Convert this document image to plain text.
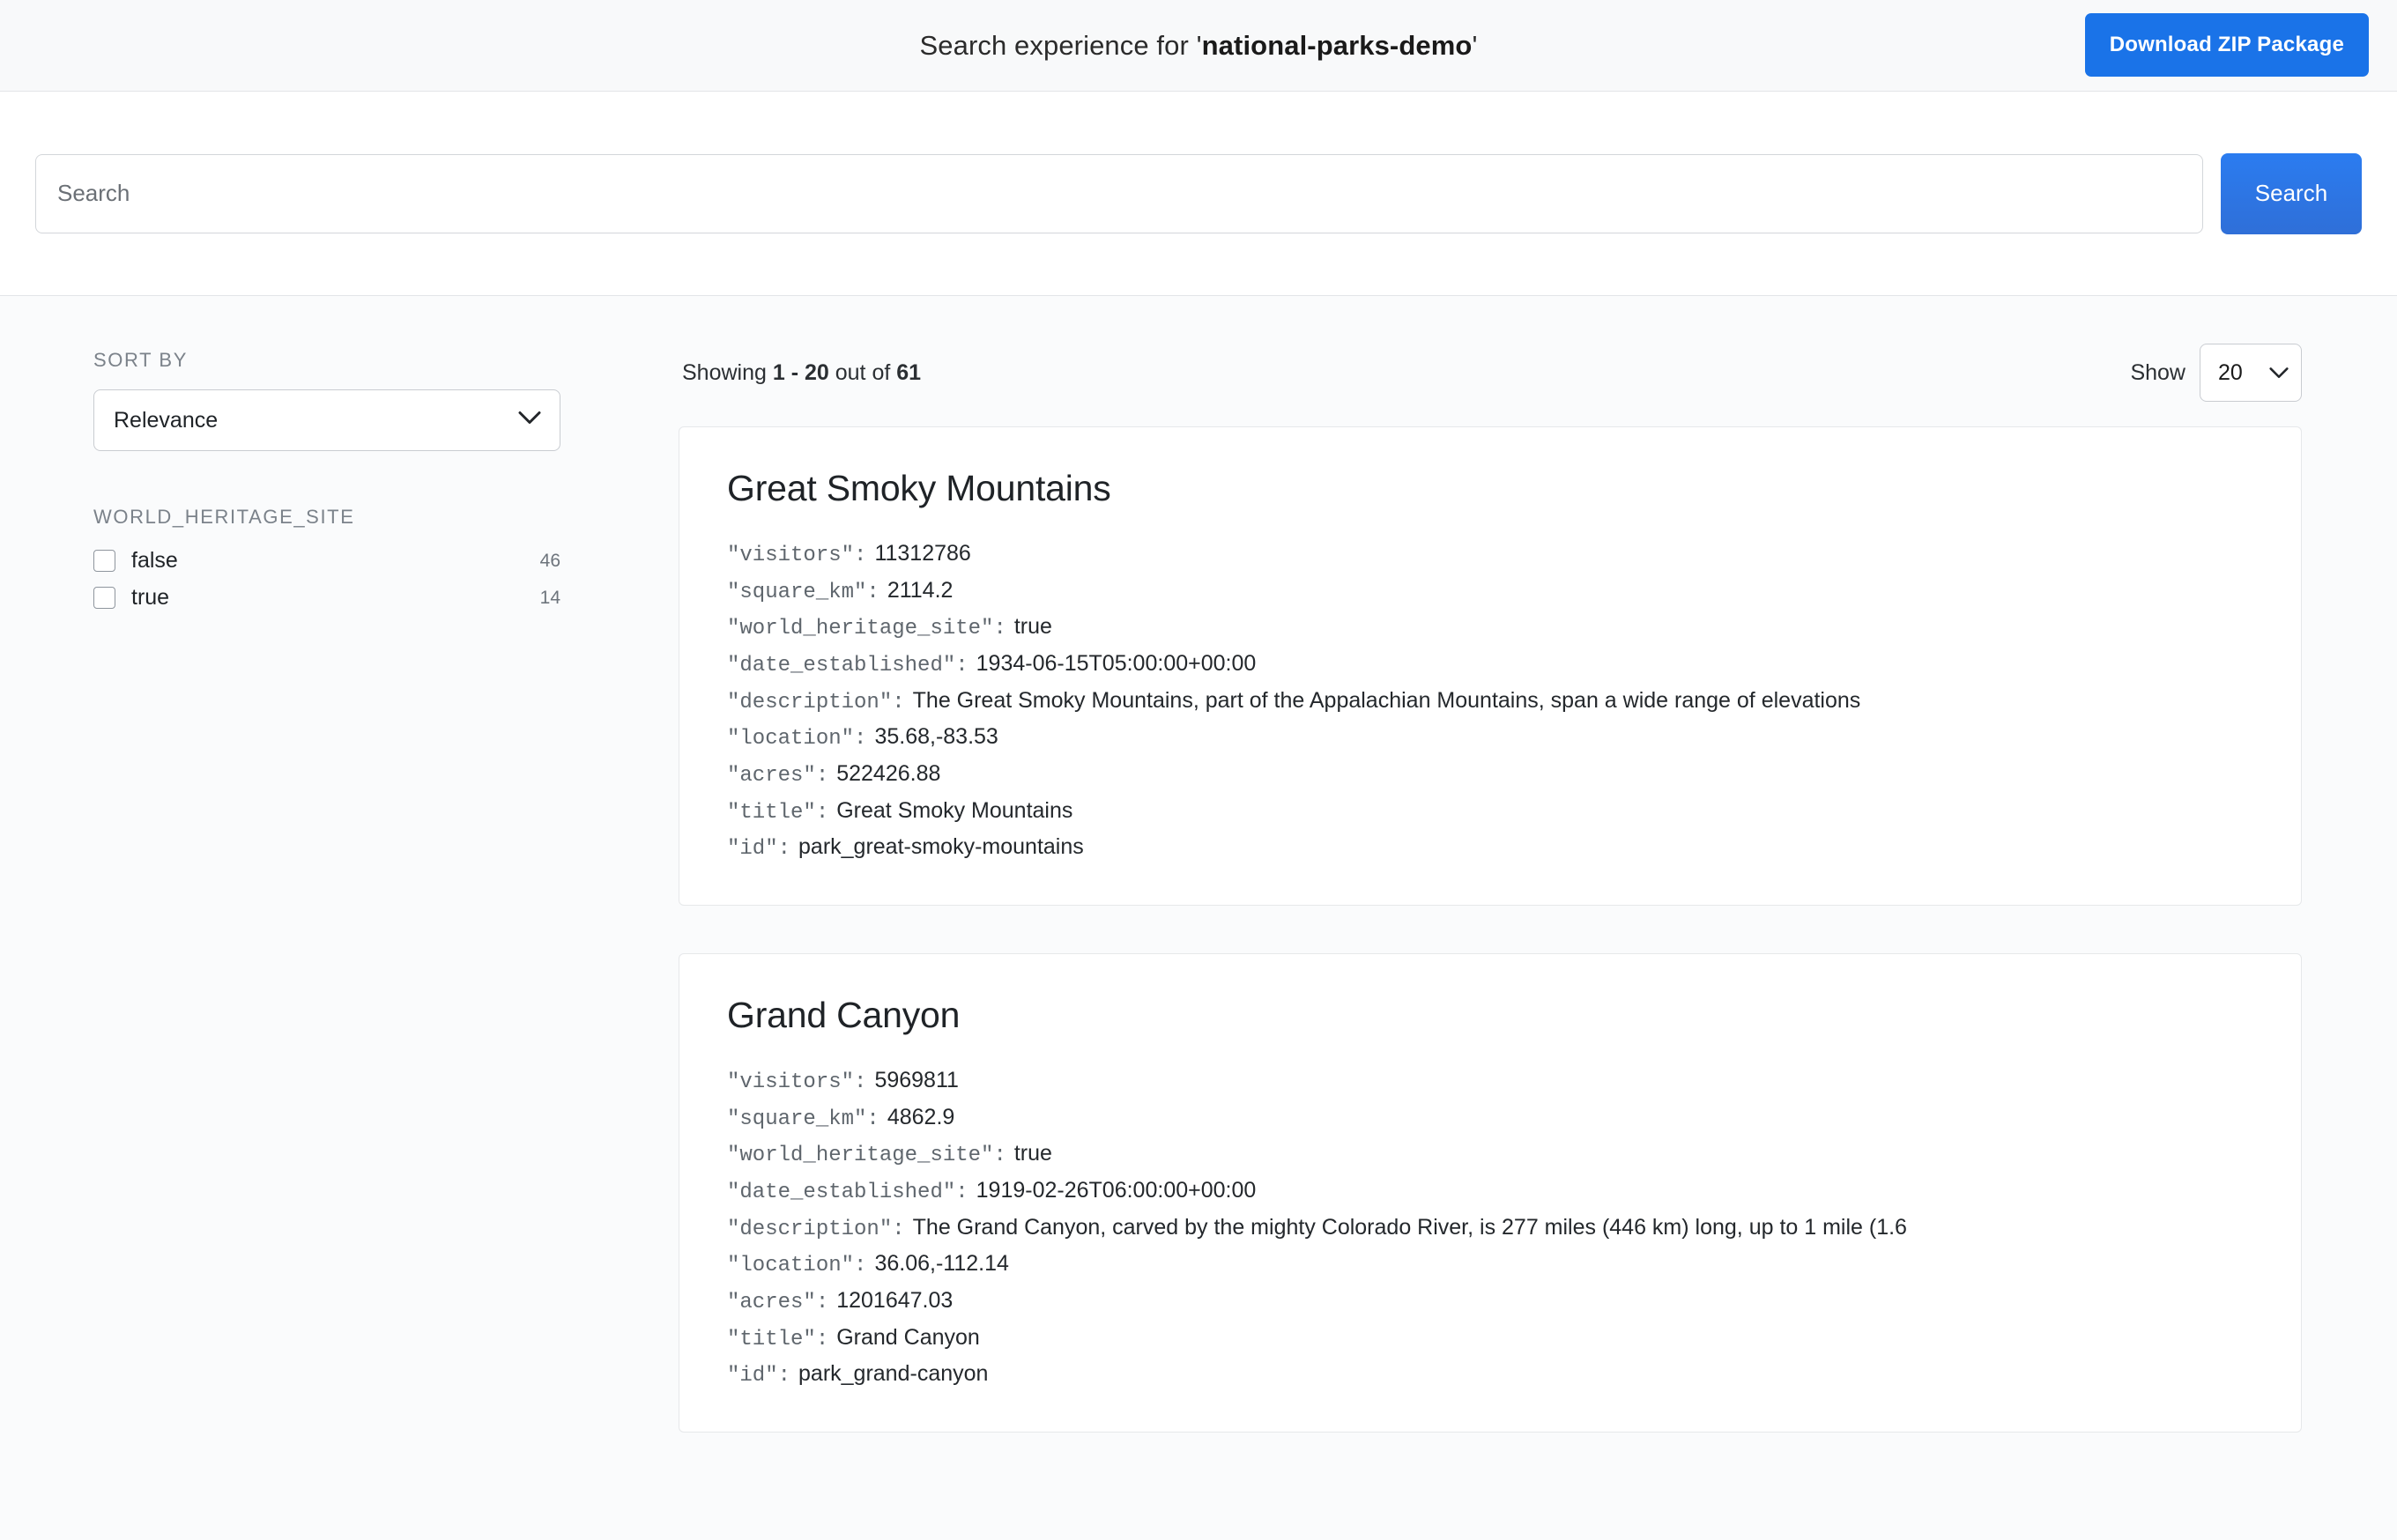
Search experience for 'national-parks-demo'	Download ZIP Package
Search
Search
SORT BY
Relevance
WORLD_HERITAGE_SITE
false	46
true	14
Showing 1 - 20 out of 61	Show 20
Great Smoky Mountains
"visitors": 11312786
"square_km": 2114.2
"world_heritage_site": true
"date_established": 1934-06-15T05:00:00+00:00
"description": The Great Smoky Mountains, part of the Appalachian Mountains, span a wide range of elevations
"location": 35.68,-83.53
"acres": 522426.88
"title": Great Smoky Mountains
"id": park_great-smoky-mountains
Grand Canyon
"visitors": 5969811
"square_km": 4862.9
"world_heritage_site": true
"date_established": 1919-02-26T06:00:00+00:00
"description": The Grand Canyon, carved by the mighty Colorado River, is 277 miles (446 km) long, up to 1 mile (1.6
"location": 36.06,-112.14
"acres": 1201647.03
"title": Grand Canyon
"id": park_grand-canyon
